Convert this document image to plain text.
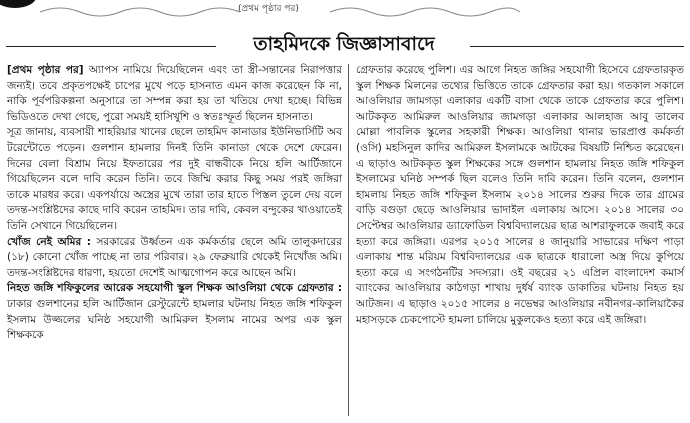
(প্রথম পৃষ্ঠার পর)
তাহমিদকে জিজ্ঞাসাবাদে

[প্রথম পৃষ্ঠার পর] অ্যাপস নামিয়ে দিয়েছিলেন এবং তা স্ত্রী-সন্তানের নিরাপত্তার জন্যই। তবে প্রকৃতপক্ষেই চাপের মুখে পড়ে হাসনাত এমন কাজ করেছেন কি না, নাকি পূর্বপরিকল্পনা অনুসারে তা সম্পন্ন করা হয় তা খতিয়ে দেখা হচ্ছে। বিভিন্ন ভিডিওতে দেখা গেছে, পুরো সময়ই হাসিখুশি ও স্বতঃস্ফূর্ত ছিলেন হাসনাত।

সূত্র জানায়, ব্যবসায়ী শাহরিয়ার খানের ছেলে তাহমিদ কানাডার ইউনিভার্সিটি অব টরেন্টোতে পড়েন। গুলশান হামলার দিনই তিনি কানাডা থেকে দেশে ফেরেন। দিনের বেলা বিশ্রাম নিয়ে ইফতারের পর দুই বান্ধবীকে নিয়ে হলি আর্টিজানে গিয়েছিলেন বলে দাবি করেন তিনি। তবে জিম্মি করার কিছু সময় পরই জঙ্গিরা তাকে মারধর করে। একপর্যায়ে অস্ত্রের মুখে তারা তার হাতে পিস্তল তুলে দেয় বলে তদন্ত-সংশ্লিষ্টদের কাছে দাবি করেন তাহমিদ। তার দাবি, কেবল বন্দুকের খাওয়াতেই তিনি সেখানে গিয়েছিলেন।

খোঁজ নেই অমির : সরকারের উর্ধ্বতন এক কর্মকর্তার ছেলে অমি তালুকদারের (১৮) কোনো খোঁজ পাচ্ছে না তার পরিবার। ২৯ ফেব্রুয়ারি থেকেই নিখোঁজ অমি। তদন্ত-সংশ্লিষ্টদের ধারণা, হয়তো দেশেই আত্মগোপন করে আছেন অমি।

নিহত জঙ্গি শফিকুলের আরেক সহযোগী স্কুল শিক্ষক আওলিয়া থেকে গ্রেফতার : ঢাকার গুলশানের হলি আর্টিজান রেস্টুরেন্টে হামলার ঘটনায় নিহত জঙ্গি শফিকুল ইসলাম উজ্জলের ঘনিষ্ঠ সহযোগী আমিরুল ইসলাম নামের অপর এক স্কুল শিক্ষককে

গ্রেফতার করেছে পুলিশ। এর আগে নিহত জঙ্গির সহযোগী হিসেবে গ্রেফতারকৃত স্কুল শিক্ষক মিলনের তথ্যের ভিত্তিতে তাকে গ্রেফতার করা হয়। গতকাল সকালে আওলিয়ার জামগড়া এলাকার একটি বাসা থেকে তাকে গ্রেফতার করে পুলিশ। আটককৃত আমিরুল আওলিয়ার জামগড়া এলাকার আলহাজ আবু তালেব মোল্লা পাবলিক স্কুলের সহকারী শিক্ষক। আওলিয়া থানার ভারপ্রাপ্ত কর্মকর্তা (ওসি) মহসিনুল কাদির আমিরুল ইসলামকে আটকের বিষয়টি নিশ্চিত করেছেন। এ ছাড়াও আটককৃত স্কুল শিক্ষকের সঙ্গে গুলশান হামলায় নিহত জঙ্গি শফিকুল ইসলামের ঘনিষ্ঠ সম্পর্ক ছিল বলেও তিনি দাবি করেন। তিনি বলেন, গুলশান হামলায় নিহত জঙ্গি শফিকুল ইসলাম ২০১৪ সালের শুরুর দিকে তার গ্রামের বাড়ি বগুড়া ছেড়ে আওলিয়ার ভাদাইল এলাকায় আসে। ২০১৪ সালের ৩০ সেপ্টেম্বর আওলিয়ার ড্যাফোডিল বিশ্ববিদ্যালয়ের ছাত্র আশরাফুলকে জবাই করে হত্যা করে জঙ্গিরা। এরপর ২০১৫ সালের ৪ জানুয়ারি সাভারের দক্ষিণ পাড়া এলাকায় শান্ত মরিয়ম বিশ্ববিদ্যালয়ের এক ছাত্রকে ধারালো অস্ত্র দিয়ে কুপিয়ে হত্যা করে এ সংগঠনটির সদস্যরা। ওই বছরের ২১ এপ্রিল বাংলাদেশ কমার্স ব্যাংকের আওলিয়ার কাঠগড়া শাখায় দুর্ধর্ষ ব্যাংক ডাকাতির ঘটনায় নিহত হয় আটজন। এ ছাড়াও ২০১৫ সালের ৪ নভেম্বর আওলিয়ার নবীনগর-কালিয়াকৈর মহাসড়কে চেকপোস্টে হামলা চালিয়ে মুকুলকেও হত্যা করে এই জঙ্গিরা।
